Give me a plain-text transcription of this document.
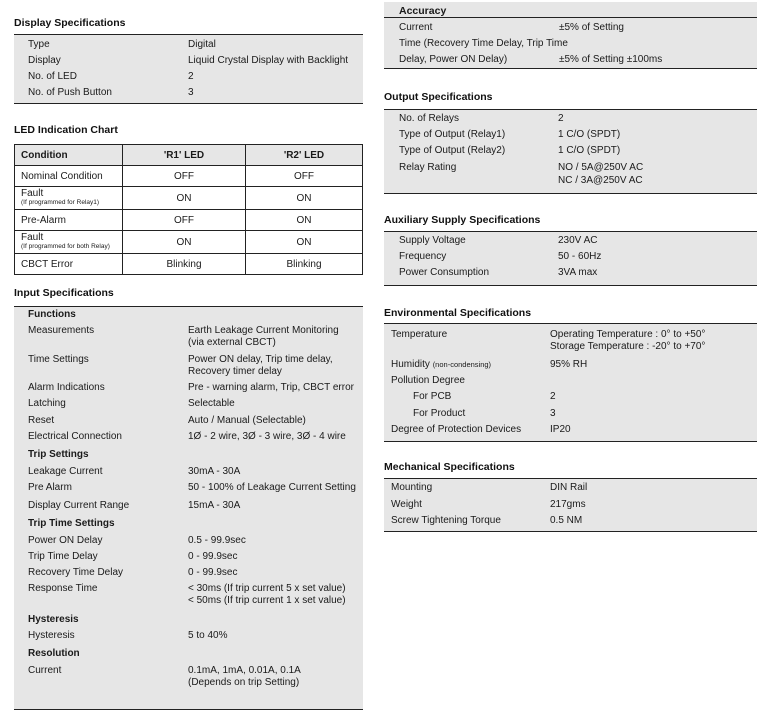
Display Specifications
Type	Digital
Display	Liquid Crystal Display with Backlight
No. of LED	2
No. of Push Button	3
LED Indication Chart
Condition	'R1' LED	'R2' LED
Nominal Condition	OFF	OFF

Fault
(If programmed for Relay1)	ON	ON
Pre-Alarm	OFF	ON

Fault
(If programmed for both Relay)	ON	ON
CBCT Error	Blinking	Blinking
Input Specifications
Functions
Measurements	Earth Leakage Current Monitoring
(via external CBCT)
Time Settings	Power ON delay, Trip time delay,
Recovery timer delay
Alarm Indications	Pre - warning alarm, Trip, CBCT error
Latching	Selectable
Reset	Auto / Manual (Selectable)
Electrical Connection	1Ø - 2 wire, 3Ø - 3 wire, 3Ø - 4 wire
Trip Settings
Leakage Current	30mA - 30A
Pre Alarm	50 - 100% of Leakage Current Setting
Display Current Range	15mA - 30A
Trip Time Settings
Power ON Delay	0.5 - 99.9sec
Trip Time Delay	0 - 99.9sec
Recovery Time Delay	0 - 99.9sec
Response Time	< 30ms (If trip current 5 x set value)
< 50ms (If trip current 1 x set value)
Hysteresis
Hysteresis	5 to 40%
Resolution
Current	0.1mA, 1mA, 0.01A, 0.1A
(Depends on trip Setting)
Accuracy
Current	±5% of Setting
Time (Recovery Time Delay, Trip Time
Delay, Power ON Delay)	±5% of Setting ±100ms
Output Specifications
No. of Relays	2
Type of Output (Relay1)	1 C/O (SPDT)
Type of Output (Relay2)	1 C/O (SPDT)
Relay Rating	NO / 5A@250V AC
NC / 3A@250V AC
Auxiliary Supply Specifications
Supply Voltage	230V AC
Frequency	50 - 60Hz
Power Consumption	3VA max
Environmental Specifications
Temperature	Operating Temperature : 0° to +50°
Storage Temperature : -20° to +70°
Humidity (non-condensing)	95% RH
Pollution Degree
For PCB	2
For Product	3
Degree of Protection Devices	IP20
Mechanical Specifications
Mounting	DIN Rail
Weight	217gms
Screw Tightening Torque	0.5 NM
